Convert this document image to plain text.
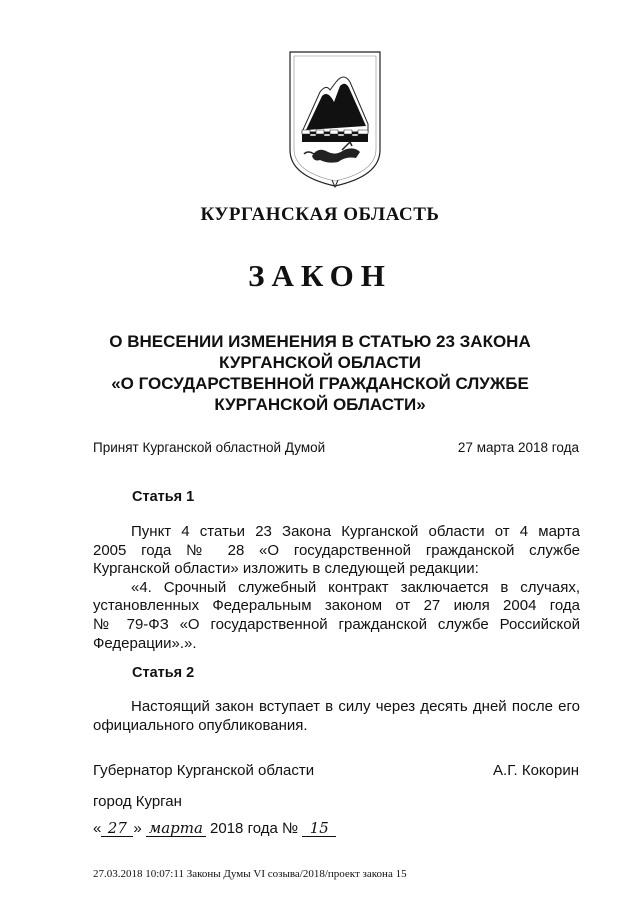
КУРГАНСКАЯ ОБЛАСТЬ
ЗАКОН
О ВНЕСЕНИИ ИЗМЕНЕНИЯ В СТАТЬЮ 23 ЗАКОНА
КУРГАНСКОЙ ОБЛАСТИ
«О ГОСУДАРСТВЕННОЙ ГРАЖДАНСКОЙ СЛУЖБЕ
КУРГАНСКОЙ ОБЛАСТИ»
Принят Курганской областной Думой	27 марта 2018 года
Статья 1
Пункт 4 статьи 23 Закона Курганской области от 4 марта
2005 года № 28 «О государственной гражданской службе
Курганской области» изложить в следующей редакции:
«4. Срочный служебный контракт заключается в случаях,
установленных Федеральным законом от 27 июля 2004 года
№ 79-ФЗ «О государственной гражданской службе Российской
Федерации».».
Статья 2
Настоящий закон вступает в силу через десять дней после его
официального опубликования.
Губернатор Курганской области	А.Г. Кокорин
город Курган
« 27 » марта 2018 года № 15
27.03.2018 10:07:11 Законы Думы VI созыва/2018/проект закона 15
